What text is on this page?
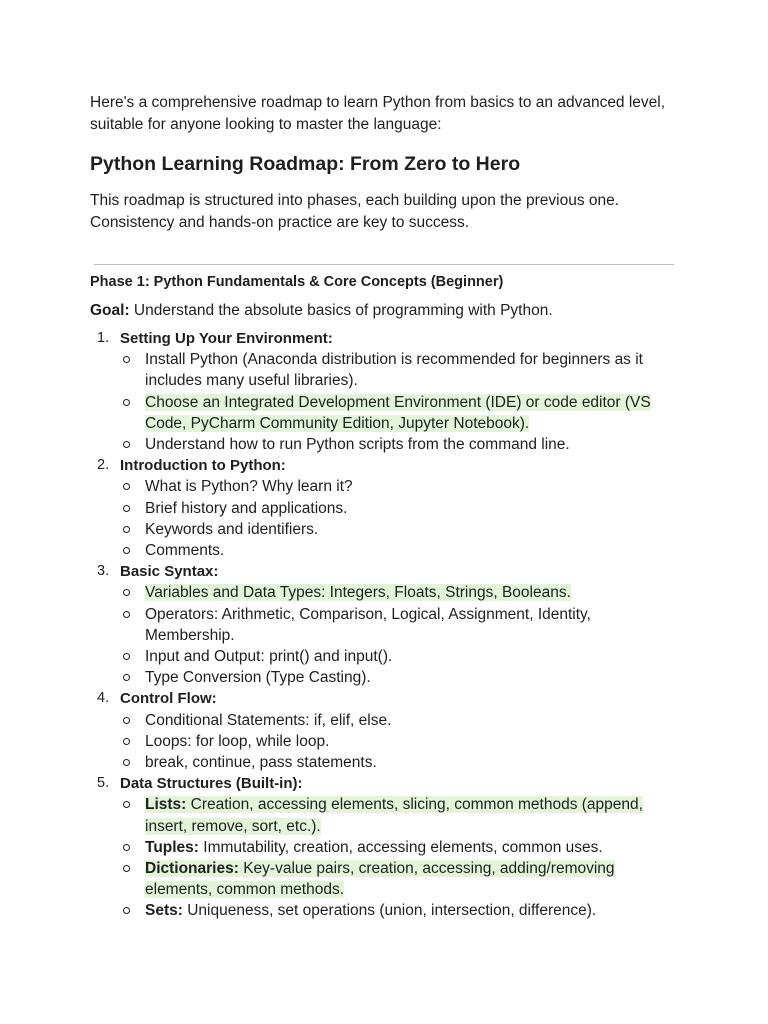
Here's a comprehensive roadmap to learn Python from basics to an advanced level, suitable for anyone looking to master the language:

Python Learning Roadmap: From Zero to Hero

This roadmap is structured into phases, each building upon the previous one. Consistency and hands-on practice are key to success.

Phase 1: Python Fundamentals & Core Concepts (Beginner)

Goal: Understand the absolute basics of programming with Python.

1. Setting Up Your Environment:
Install Python (Anaconda distribution is recommended for beginners as it includes many useful libraries).
Choose an Integrated Development Environment (IDE) or code editor (VS Code, PyCharm Community Edition, Jupyter Notebook).
Understand how to run Python scripts from the command line.
2. Introduction to Python:
What is Python? Why learn it?
Brief history and applications.
Keywords and identifiers.
Comments.
3. Basic Syntax:
Variables and Data Types: Integers, Floats, Strings, Booleans.
Operators: Arithmetic, Comparison, Logical, Assignment, Identity, Membership.
Input and Output: print() and input().
Type Conversion (Type Casting).
4. Control Flow:
Conditional Statements: if, elif, else.
Loops: for loop, while loop.
break, continue, pass statements.
5. Data Structures (Built-in):
Lists: Creation, accessing elements, slicing, common methods (append, insert, remove, sort, etc.).
Tuples: Immutability, creation, accessing elements, common uses.
Dictionaries: Key-value pairs, creation, accessing, adding/removing elements, common methods.
Sets: Uniqueness, set operations (union, intersection, difference).
